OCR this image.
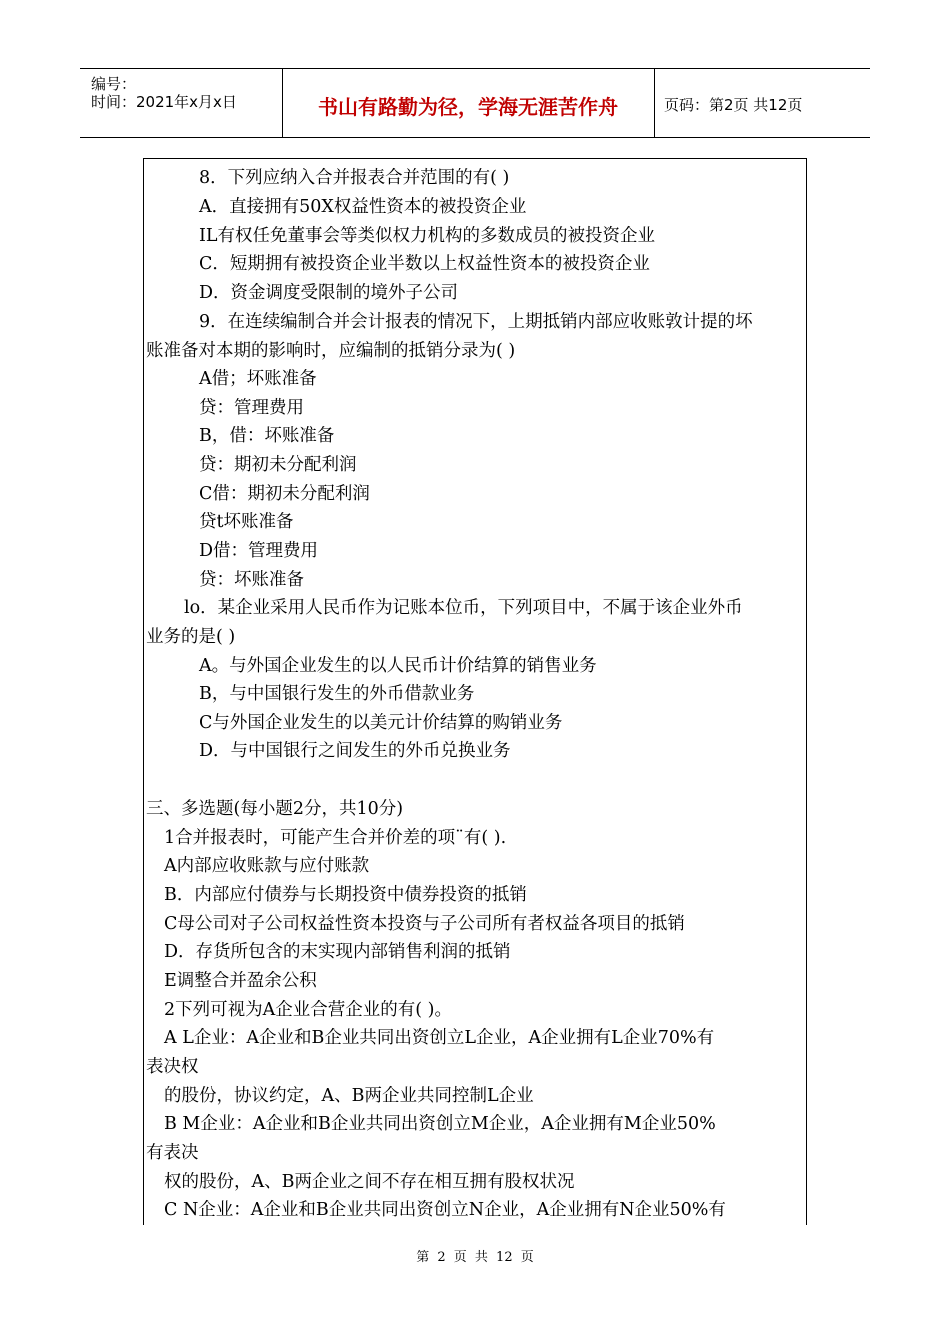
编号：
时间：2021年x月x日	书山有路勤为径，学海无涯苦作舟	页码：第2页 共12页
8．下列应纳入合并报表合并范围的有( )
A．直接拥有50X权益性资本的被投资企业
IL有权任免董事会等类似权力机构的多数成员的被投资企业
C．短期拥有被投资企业半数以上权益性资本的被投资企业
D．资金调度受限制的境外子公司
9．在连续编制合并会计报表的情况下，上期抵销内部应收账敦计提的坏
账准备对本期的影响时，应编制的抵销分录为( )
A借；坏账准备
贷：管理费用
B，借：坏账准备
贷：期初未分配利润
C借：期初未分配利润
贷t坏账准备
D借：管理费用
贷：坏账准备
lo．某企业采用人民币作为记账本位币，下列项目中，不属于该企业外币
业务的是( )
A。与外国企业发生的以人民币计价结算的销售业务
B，与中国银行发生的外币借款业务
C与外国企业发生的以美元计价结算的购销业务
D．与中国银行之间发生的外币兑换业务
三、多选题(每小题2分，共10分)
1合并报表时，可能产生合并价差的项¨有( ).
A内部应收账款与应付账款
B．内部应付债券与长期投资中债券投资的抵销
C母公司对子公司权益性资本投资与子公司所有者权益各项目的抵销
D．存货所包含的末实现内部销售利润的抵销
E调整合并盈余公积
2下列可视为A企业合营企业的有( )。
A L企业：A企业和B企业共同出资创立L企业，A企业拥有L企业70%有
表决权
的股份，协议约定，A、B两企业共同控制L企业
B M企业：A企业和B企业共同出资创立M企业，A企业拥有M企业50%
有表决
权的股份，A、B两企业之间不存在相互拥有股权状况
C N企业：A企业和B企业共同出资创立N企业，A企业拥有N企业50%有
第 2 页 共 12 页
